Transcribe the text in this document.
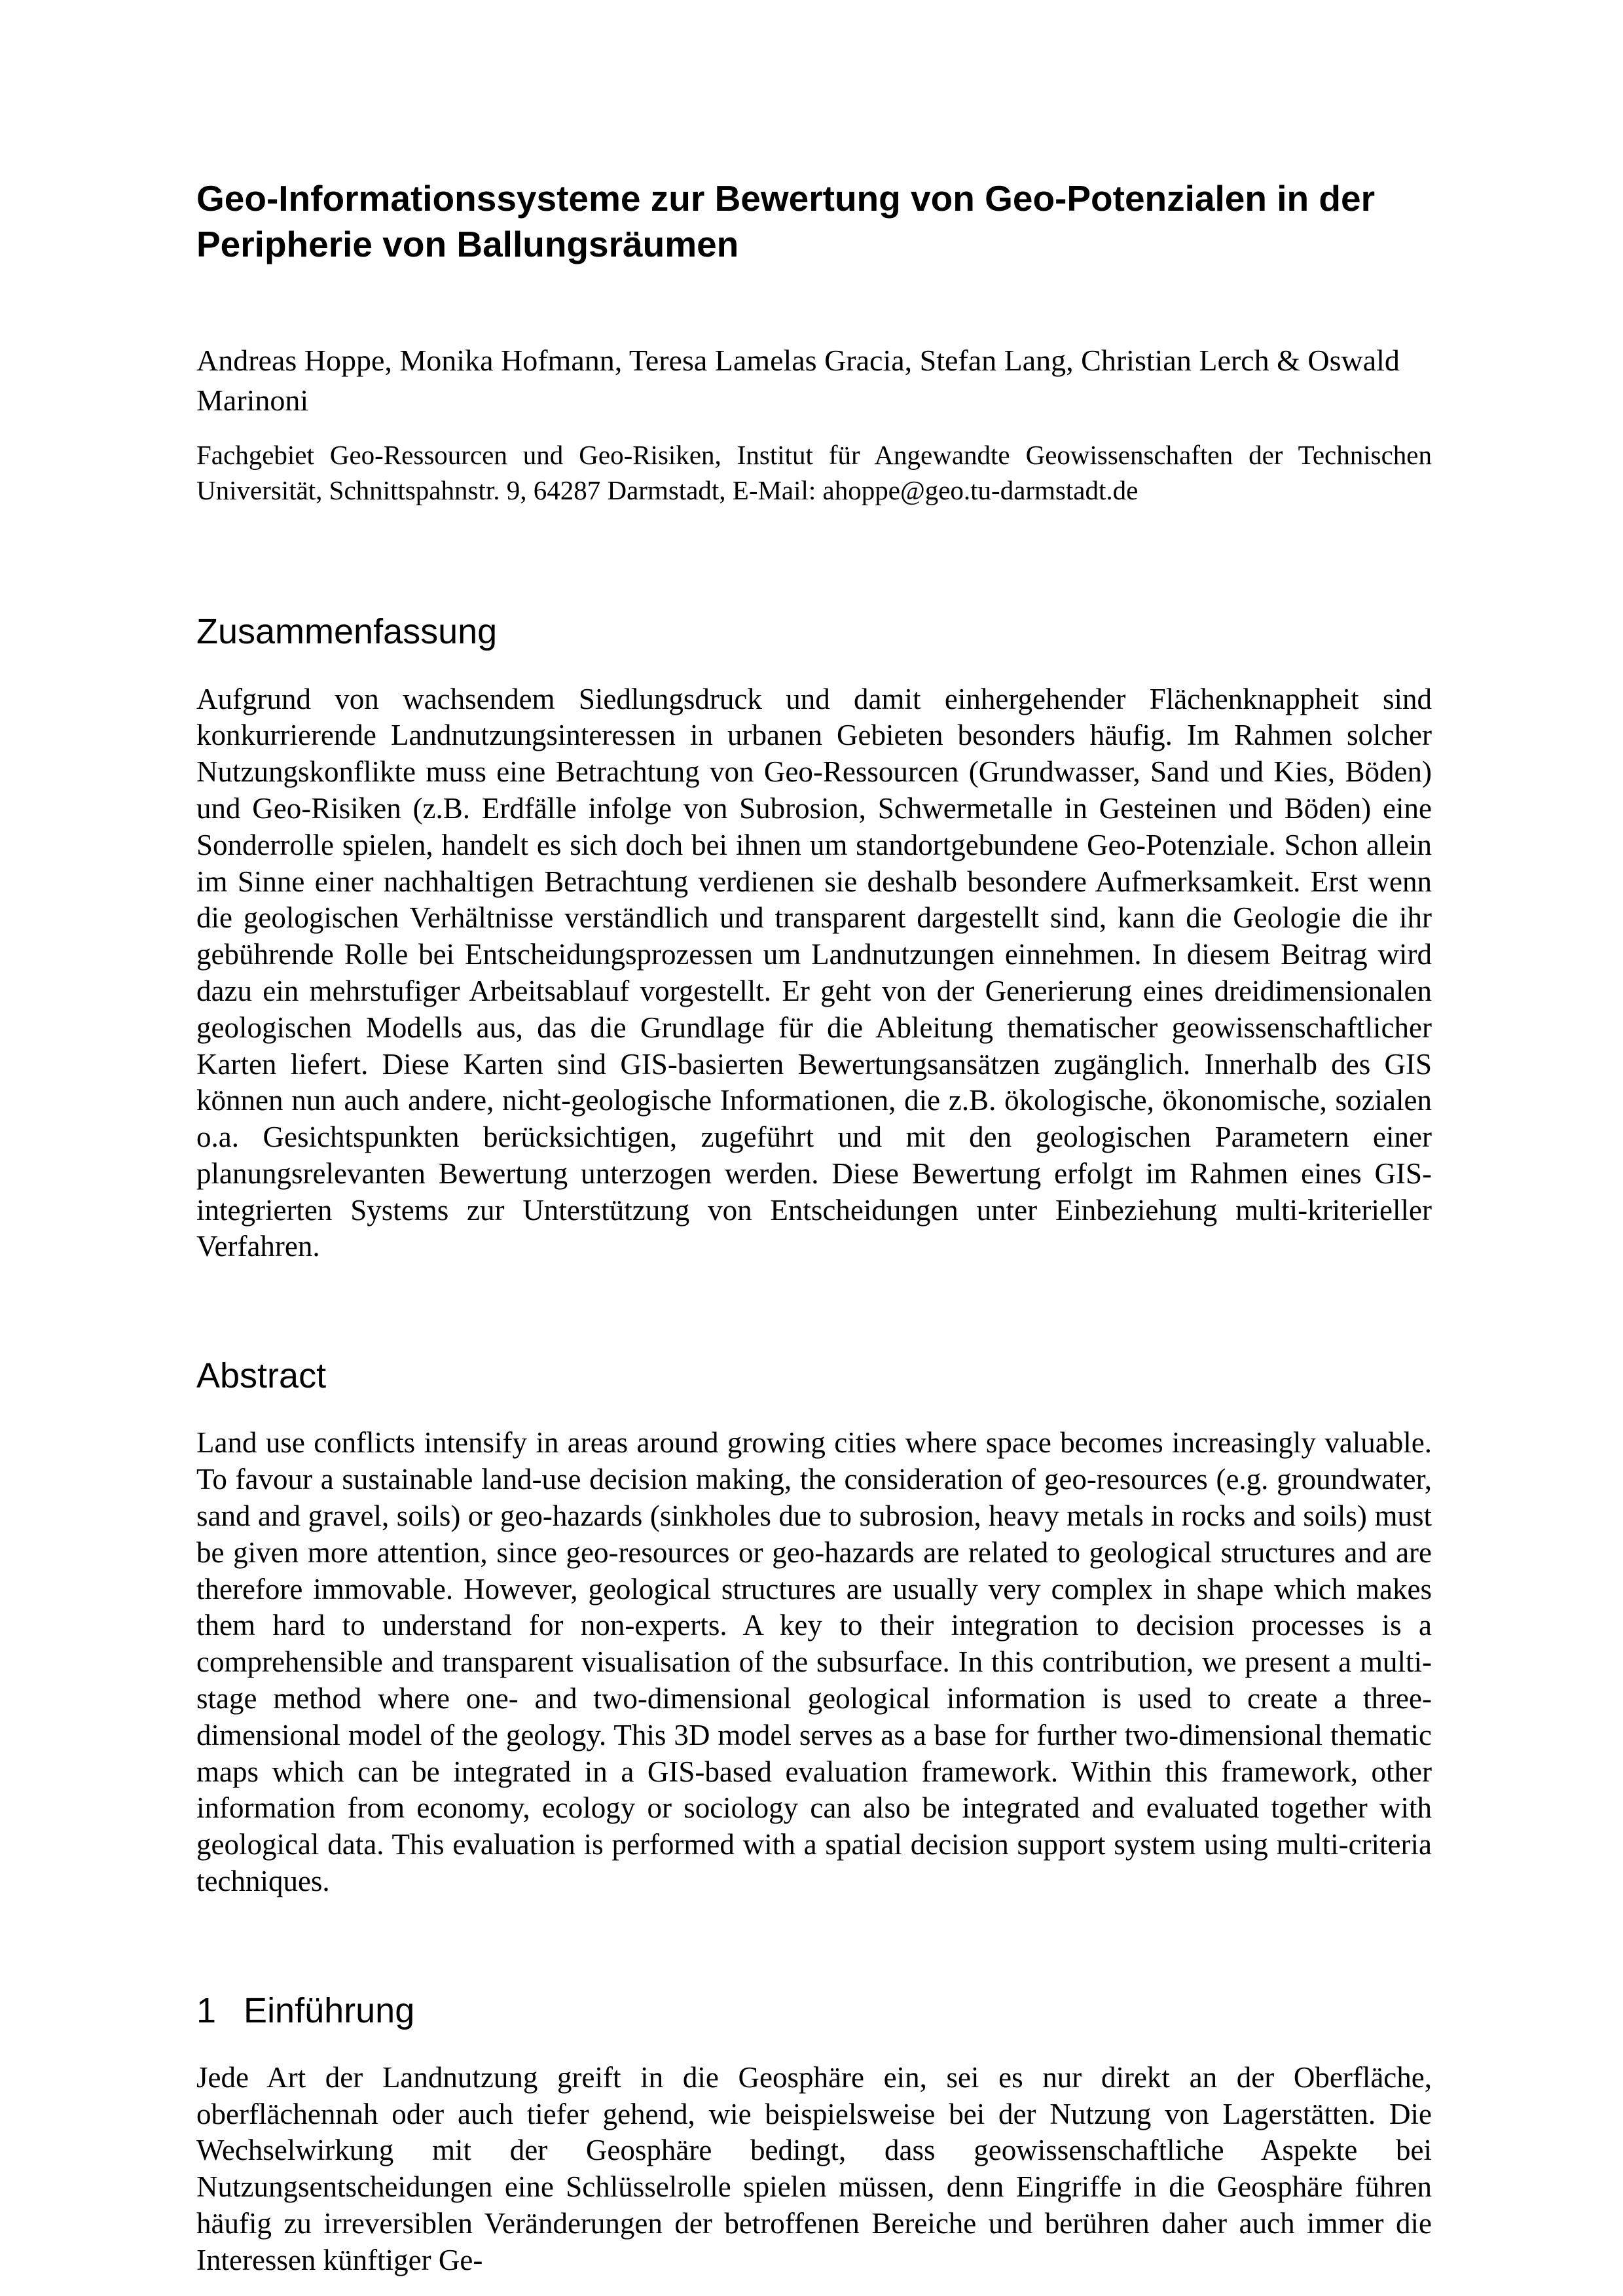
Geo-Informationssysteme zur Bewertung von Geo-Potenzialen in der Peripherie von Ballungsräumen

Andreas Hoppe, Monika Hofmann, Teresa Lamelas Gracia, Stefan Lang, Christian Lerch & Oswald Marinoni

Fachgebiet Geo-Ressourcen und Geo-Risiken, Institut für Angewandte Geowissenschaften der Technischen Universität, Schnittspahnstr. 9, 64287 Darmstadt, E-Mail: ahoppe@geo.tu-darmstadt.de

Zusammenfassung

Aufgrund von wachsendem Siedlungsdruck und damit einhergehender Flächenknappheit sind konkurrierende Landnutzungsinteressen in urbanen Gebieten besonders häufig. Im Rahmen solcher Nutzungskonflikte muss eine Betrachtung von Geo-Ressourcen (Grundwasser, Sand und Kies, Böden) und Geo-Risiken (z.B. Erdfälle infolge von Subrosion, Schwermetalle in Gesteinen und Böden) eine Sonderrolle spielen, handelt es sich doch bei ihnen um standortgebundene Geo-Potenziale. Schon allein im Sinne einer nachhaltigen Betrachtung verdienen sie deshalb besondere Aufmerksamkeit. Erst wenn die geologischen Verhältnisse verständlich und transparent dargestellt sind, kann die Geologie die ihr gebührende Rolle bei Entscheidungsprozessen um Landnutzungen einnehmen. In diesem Beitrag wird dazu ein mehrstufiger Arbeitsablauf vorgestellt. Er geht von der Generierung eines dreidimensionalen geologischen Modells aus, das die Grundlage für die Ableitung thematischer geowissenschaftlicher Karten liefert. Diese Karten sind GIS-basierten Bewertungsansätzen zugänglich. Innerhalb des GIS können nun auch andere, nicht-geologische Informationen, die z.B. ökologische, ökonomische, sozialen o.a. Gesichtspunkten berücksichtigen, zugeführt und mit den geologischen Parametern einer planungsrelevanten Bewertung unterzogen werden. Diese Bewertung erfolgt im Rahmen eines GIS-integrierten Systems zur Unterstützung von Entscheidungen unter Einbeziehung multi-kriterieller Verfahren.

Abstract

Land use conflicts intensify in areas around growing cities where space becomes increasingly valuable. To favour a sustainable land-use decision making, the consideration of geo-resources (e.g. groundwater, sand and gravel, soils) or geo-hazards (sinkholes due to subrosion, heavy metals in rocks and soils) must be given more attention, since geo-resources or geo-hazards are related to geological structures and are therefore immovable. However, geological structures are usually very complex in shape which makes them hard to understand for non-experts. A key to their integration to decision processes is a comprehensible and transparent visualisation of the subsurface. In this contribution, we present a multi-stage method where one- and two-dimensional geological information is used to create a three-dimensional model of the geology. This 3D model serves as a base for further two-dimensional thematic maps which can be integrated in a GIS-based evaluation framework. Within this framework, other information from economy, ecology or sociology can also be integrated and evaluated together with geological data. This evaluation is performed with a spatial decision support system using multi-criteria techniques.

1 Einführung

Jede Art der Landnutzung greift in die Geosphäre ein, sei es nur direkt an der Oberfläche, oberflächennah oder auch tiefer gehend, wie beispielsweise bei der Nutzung von Lagerstätten. Die Wechselwirkung mit der Geosphäre bedingt, dass geowissenschaftliche Aspekte bei Nutzungsentscheidungen eine Schlüsselrolle spielen müssen, denn Eingriffe in die Geosphäre führen häufig zu irreversiblen Veränderungen der betroffenen Bereiche und berühren daher auch immer die Interessen künftiger Ge-
